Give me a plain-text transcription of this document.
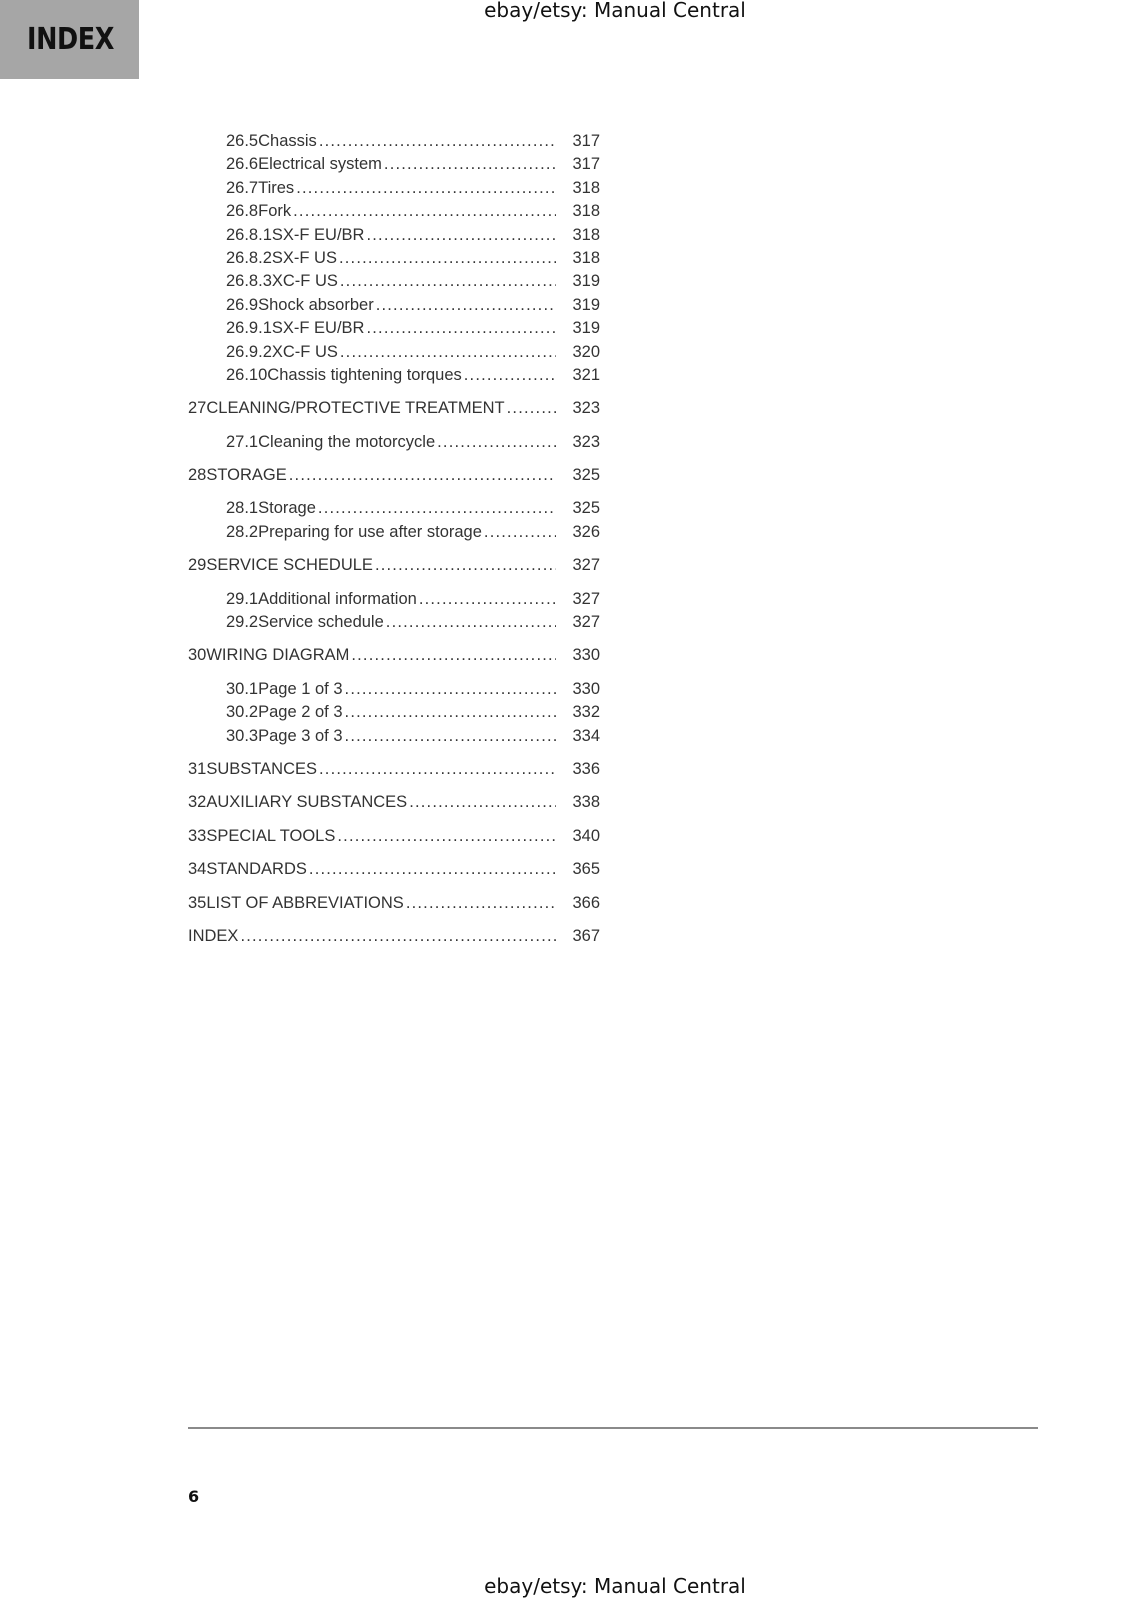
ebay/etsy: Manual Central
INDEX
26.5 Chassis .....	317
26.6 Electrical system .....	317
26.7 Tires .....	318
26.8 Fork .....	318
26.8.1 SX-F EU/BR .....	318
26.8.2 SX-F US .....	318
26.8.3 XC-F US .....	319
26.9 Shock absorber .....	319
26.9.1 SX-F EU/BR .....	319
26.9.2 XC-F US .....	320
26.10 Chassis tightening torques .....	321
27 CLEANING/PROTECTIVE TREATMENT .....	323
27.1 Cleaning the motorcycle .....	323
28 STORAGE .....	325
28.1 Storage .....	325
28.2 Preparing for use after storage .....	326
29 SERVICE SCHEDULE .....	327
29.1 Additional information .....	327
29.2 Service schedule .....	327
30 WIRING DIAGRAM .....	330
30.1 Page 1 of 3 .....	330
30.2 Page 2 of 3 .....	332
30.3 Page 3 of 3 .....	334
31 SUBSTANCES .....	336
32 AUXILIARY SUBSTANCES .....	338
33 SPECIAL TOOLS .....	340
34 STANDARDS .....	365
35 LIST OF ABBREVIATIONS .....	366
INDEX .....	367
6
ebay/etsy: Manual Central
